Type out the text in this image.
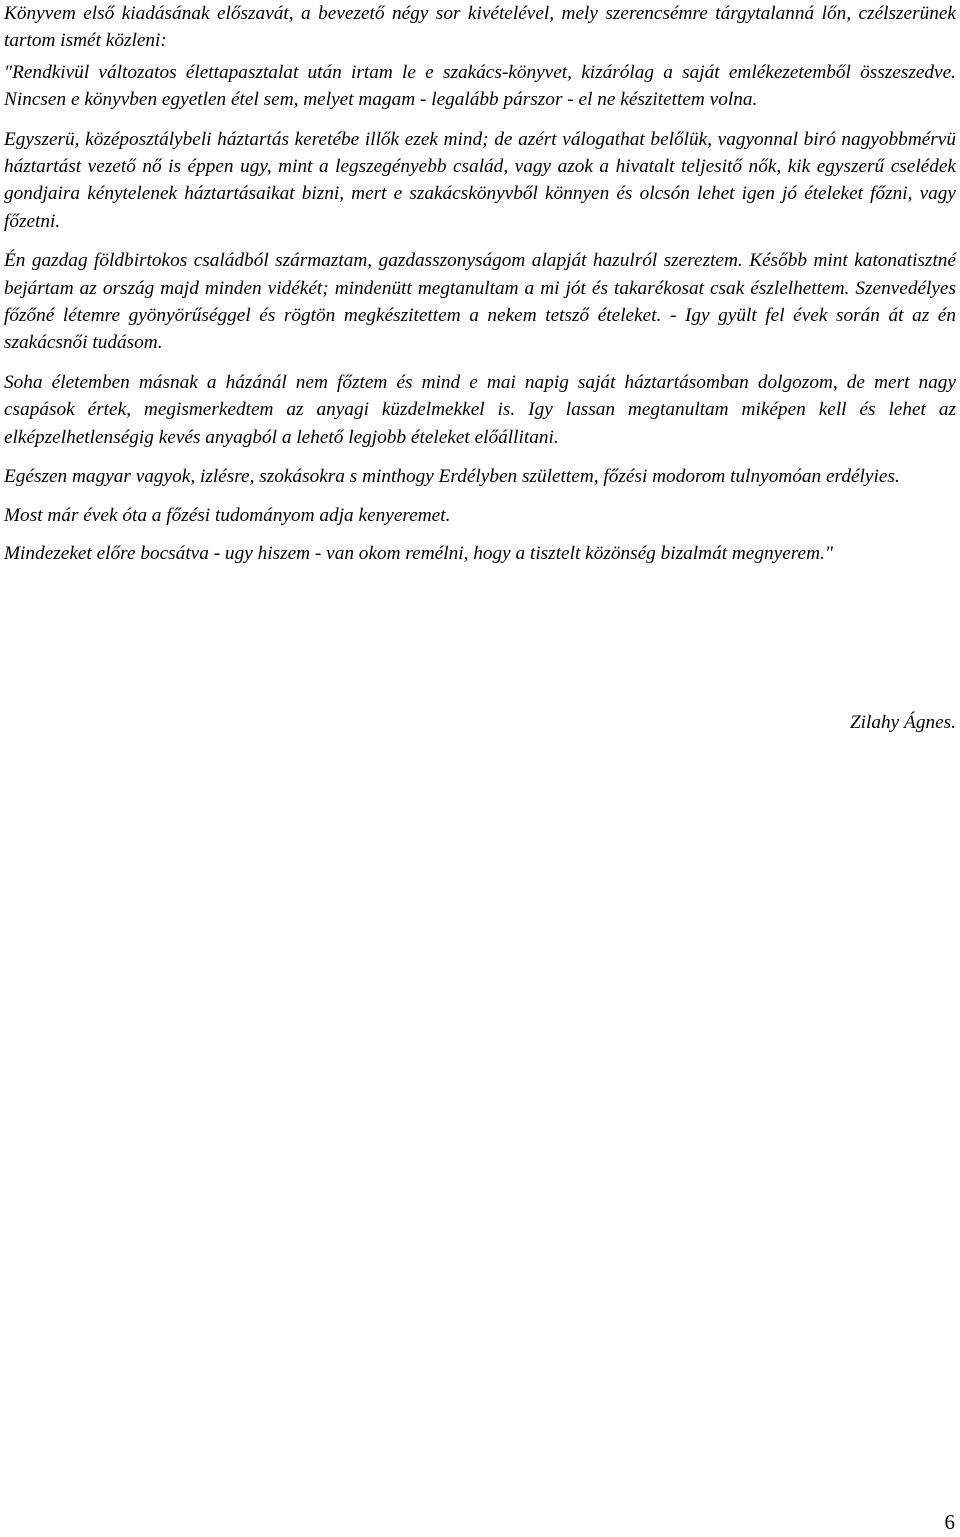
Könyvem első kiadásának előszavát, a bevezető négy sor kivételével, mely szerencsémre tárgytalanná lőn, czélszerünek tartom ismét közleni:

"Rendkivül változatos élettapasztalat után irtam le e szakács-könyvet, kizárólag a saját emlékezetemből összeszedve. Nincsen e könyvben egyetlen étel sem, melyet magam - legalább párszor - el ne készitettem volna.

Egyszerü, középosztálybeli háztartás keretébe illők ezek mind; de azért válogathat belőlük, vagyonnal biró nagyobbmérvü háztartást vezető nő is éppen ugy, mint a legszegényebb család, vagy azok a hivatalt teljesitő nők, kik egyszerű cselédek gondjaira kénytelenek háztartásaikat bizni, mert e szakácskönyvből könnyen és olcsón lehet igen jó ételeket főzni, vagy főzetni.

Én gazdag földbirtokos családból származtam, gazdasszonyságom alapját hazulról szereztem. Később mint katonatisztné bejártam az ország majd minden vidékét; mindenütt megtanultam a mi jót és takarékosat csak észlelhettem. Szenvedélyes főzőné létemre gyönyörűséggel és rögtön megkészitettem a nekem tetsző ételeket. - Igy gyült fel évek során át az én szakácsnői tudásom.

Soha életemben másnak a házánál nem főztem és mind e mai napig saját háztartásomban dolgozom, de mert nagy csapások értek, megismerkedtem az anyagi küzdelmekkel is. Igy lassan megtanultam miképen kell és lehet az elképzelhetlenségig kevés anyagból a lehető legjobb ételeket előállitani.

Egészen magyar vagyok, izlésre, szokásokra s minthogy Erdélyben születtem, főzési modorom tulnyomóan erdélyies.

Most már évek óta a főzési tudományom adja kenyeremet.

Mindezeket előre bocsátva - ugy hiszem - van okom remélni, hogy a tisztelt közönség bizalmát megnyerem."

Zilahy Ágnes.

6
